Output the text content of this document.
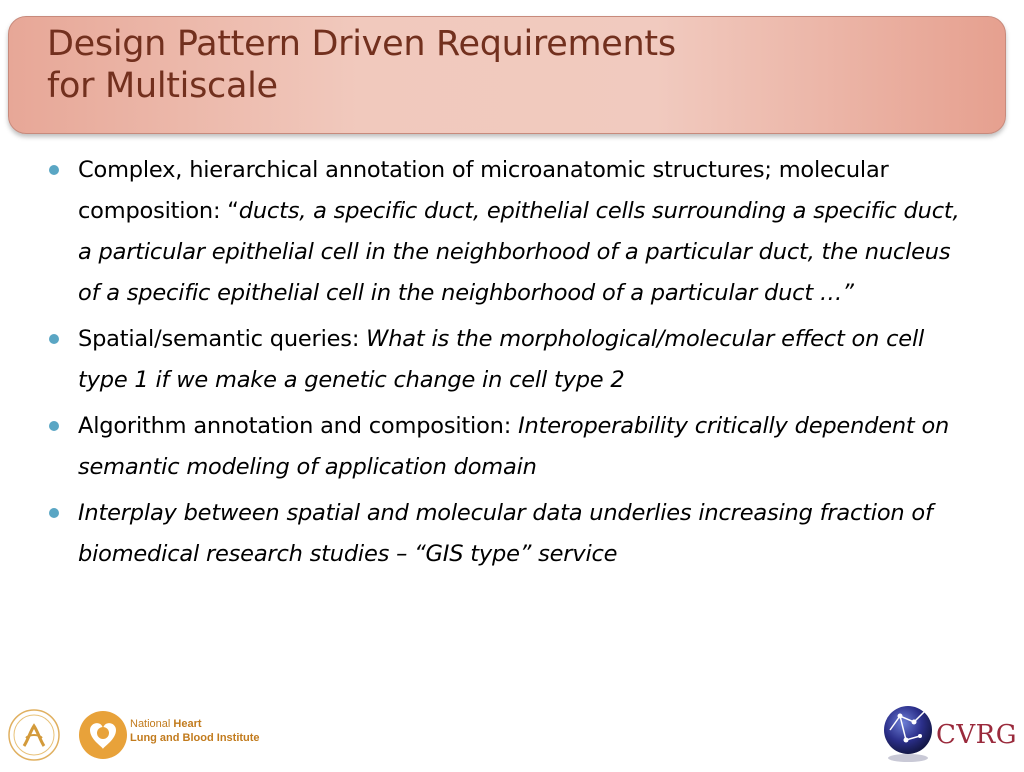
Design Pattern Driven Requirements
for Multiscale
Complex, hierarchical annotation of microanatomic structures; molecular composition: “ducts, a specific duct, epithelial cells surrounding a specific duct, a particular epithelial cell in the neighborhood of a particular duct, the nucleus of a specific epithelial cell in the neighborhood of a particular duct …”
Spatial/semantic queries: What is the morphological/molecular effect on cell type 1 if we make a genetic change in cell type 2
Algorithm annotation and composition: Interoperability critically dependent on semantic modeling of application domain
Interplay between spatial and molecular data underlies increasing fraction of biomedical research studies – “GIS type” service
National Heart
Lung and Blood Institute	CVRG
